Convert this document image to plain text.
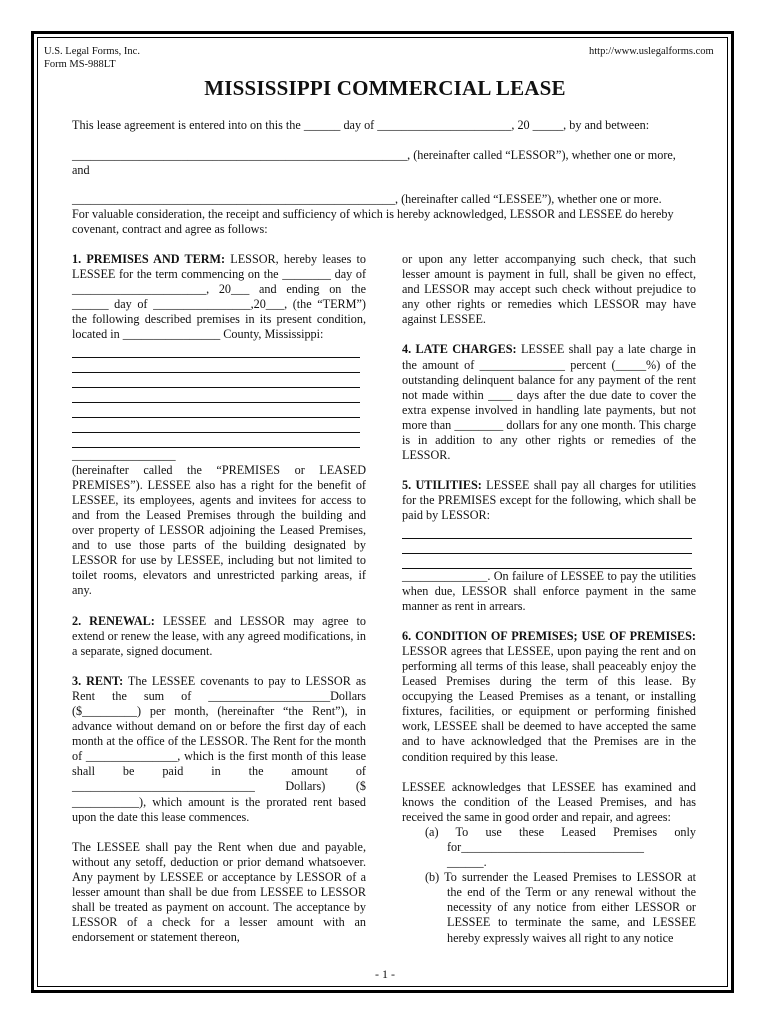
U.S. Legal Forms, Inc.
Form MS-988LT
http://www.uslegalforms.com
MISSISSIPPI COMMERCIAL LEASE
This lease agreement is entered into on this the ______ day of ______________________, 20 _____, by and between:
_______________________________________________________, (hereinafter called “LESSOR”), whether one or more,
and
_____________________________________________________, (hereinafter called “LESSEE”), whether one or more.
For valuable consideration, the receipt and sufficiency of which is hereby acknowledged, LESSOR and LESSEE do hereby
covenant, contract and agree as follows:

1. PREMISES AND TERM: LESSOR, hereby leases to LESSEE for the term commencing on the ________ day of ______________________, 20___ and ending on the ______ day of ________________,20___, (the “TERM”) the following described premises in its present condition, located in ________________ County, Mississippi:

_________________

(hereinafter called the “PREMISES or LEASED PREMISES”). LESSEE also has a right for the benefit of LESSEE, its employees, agents and invitees for access to and from the Leased Premises through the building and over property of LESSOR adjoining the Leased Premises, and to use those parts of the building designated by LESSOR for use by LESSEE, including but not limited to toilet rooms, elevators and unrestricted parking areas, if any.

2. RENEWAL: LESSEE and LESSOR may agree to extend or renew the lease, with any agreed modifications, in a separate, signed document.

3. RENT: The LESSEE covenants to pay to LESSOR as Rent the sum of ____________________Dollars ($_________) per month, (hereinafter “the Rent”), in advance without demand on or before the first day of each month at the office of the LESSOR. The Rent for the month of _______________, which is the first month of this lease shall be paid in the amount of ______________________________ Dollars) ($ ___________), which amount is the prorated rent based upon the date this lease commences.

The LESSEE shall pay the Rent when due and payable, without any setoff, deduction or prior demand whatsoever. Any payment by LESSEE or acceptance by LESSOR of a lesser amount than shall be due from LESSEE to LESSOR shall be treated as payment on account. The acceptance by LESSOR of a check for a lesser amount with an endorsement or statement thereon,

or upon any letter accompanying such check, that such lesser amount is payment in full, shall be given no effect, and LESSOR may accept such check without prejudice to any other rights or remedies which LESSOR may have against LESSEE.

4. LATE CHARGES: LESSEE shall pay a late charge in the amount of ______________ percent (_____%) of the outstanding delinquent balance for any payment of the rent not made within ____ days after the due date to cover the extra expense involved in handling late payments, but not more than ________ dollars for any one month. This charge is in addition to any other rights or remedies of the LESSOR.

5. UTILITIES: LESSEE shall pay all charges for utilities for the PREMISES except for the following, which shall be paid by LESSOR:

______________. On failure of LESSEE to pay the utilities when due, LESSOR shall enforce payment in the same manner as rent in arrears.

6. CONDITION OF PREMISES; USE OF PREMISES: LESSOR agrees that LESSEE, upon paying the rent and on performing all terms of this lease, shall peaceably enjoy the Leased Premises during the term of this lease. By occupying the Leased Premises as a tenant, or installing fixtures, facilities, or equipment or performing finished work, LESSEE shall be deemed to have accepted the same and to have acknowledged that the Premises are in the condition required by this lease.

LESSEE acknowledges that LESSEE has examined and knows the condition of the Leased Premises, and has received the same in good order and repair, and agrees:

(a) To use these Leased Premises only for______________________________

______.

(b) To surrender the Leased Premises to LESSOR at the end of the Term or any renewal without the necessity of any notice from either LESSOR or LESSEE to terminate the same, and LESSEE hereby expressly waives all right to any notice

- 1 -
